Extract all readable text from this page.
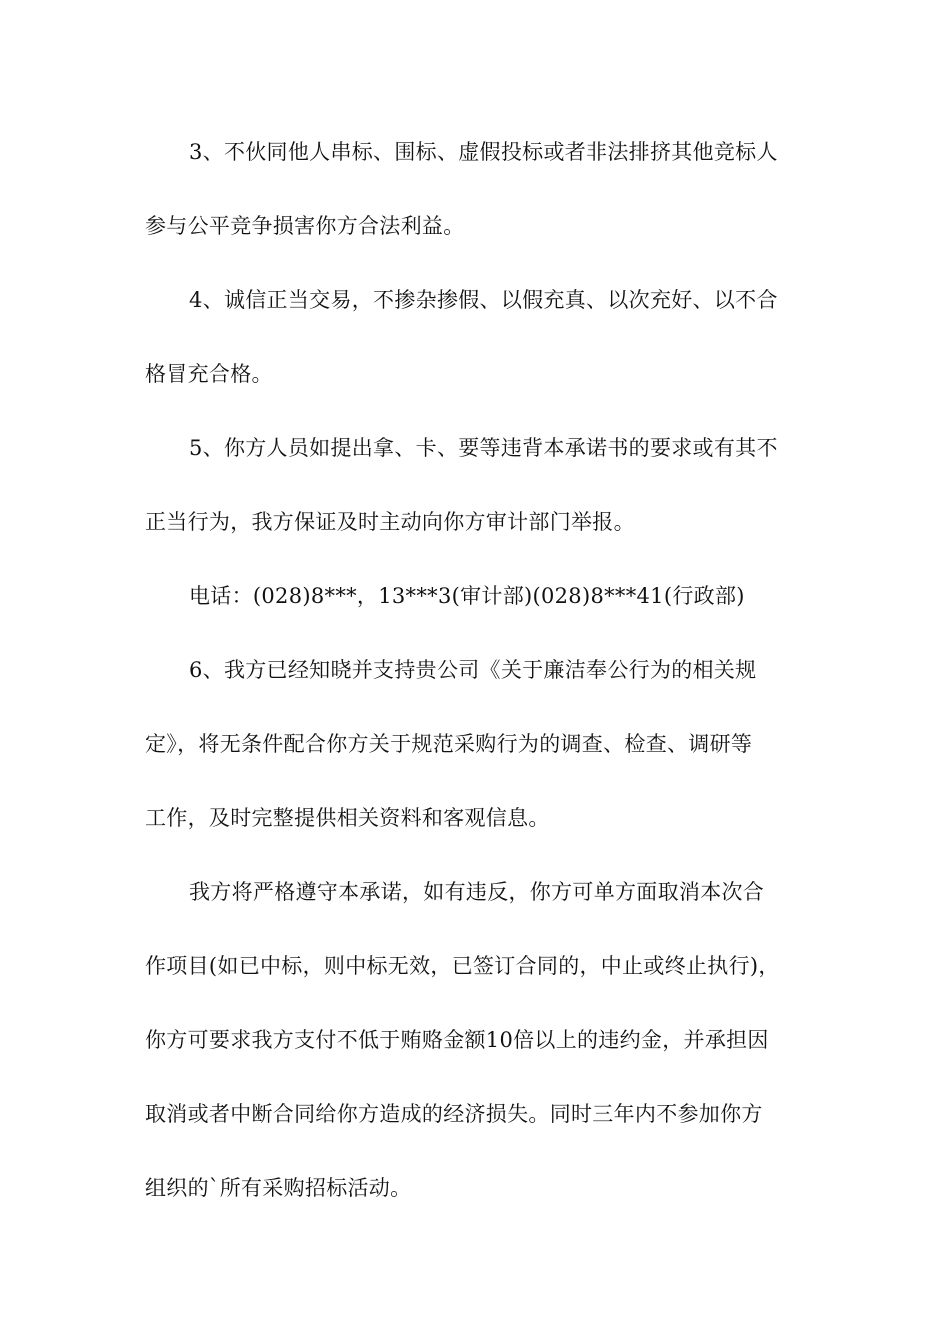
3、不伙同他人串标、围标、虚假投标或者非法排挤其他竞标人
参与公平竞争损害你方合法利益。
4、诚信正当交易，不掺杂掺假、以假充真、以次充好、以不合
格冒充合格。
5、你方人员如提出拿、卡、要等违背本承诺书的要求或有其不
正当行为，我方保证及时主动向你方审计部门举报。
电话：(028)8***，13***3(审计部)(028)8***41(行政部)
6、我方已经知晓并支持贵公司《关于廉洁奉公行为的相关规
定》，将无条件配合你方关于规范采购行为的调查、检查、调研等
工作，及时完整提供相关资料和客观信息。
我方将严格遵守本承诺，如有违反，你方可单方面取消本次合
作项目(如已中标，则中标无效，已签订合同的，中止或终止执行)，
你方可要求我方支付不低于贿赂金额10倍以上的违约金，并承担因
取消或者中断合同给你方造成的经济损失。同时三年内不参加你方
组织的`所有采购招标活动。
